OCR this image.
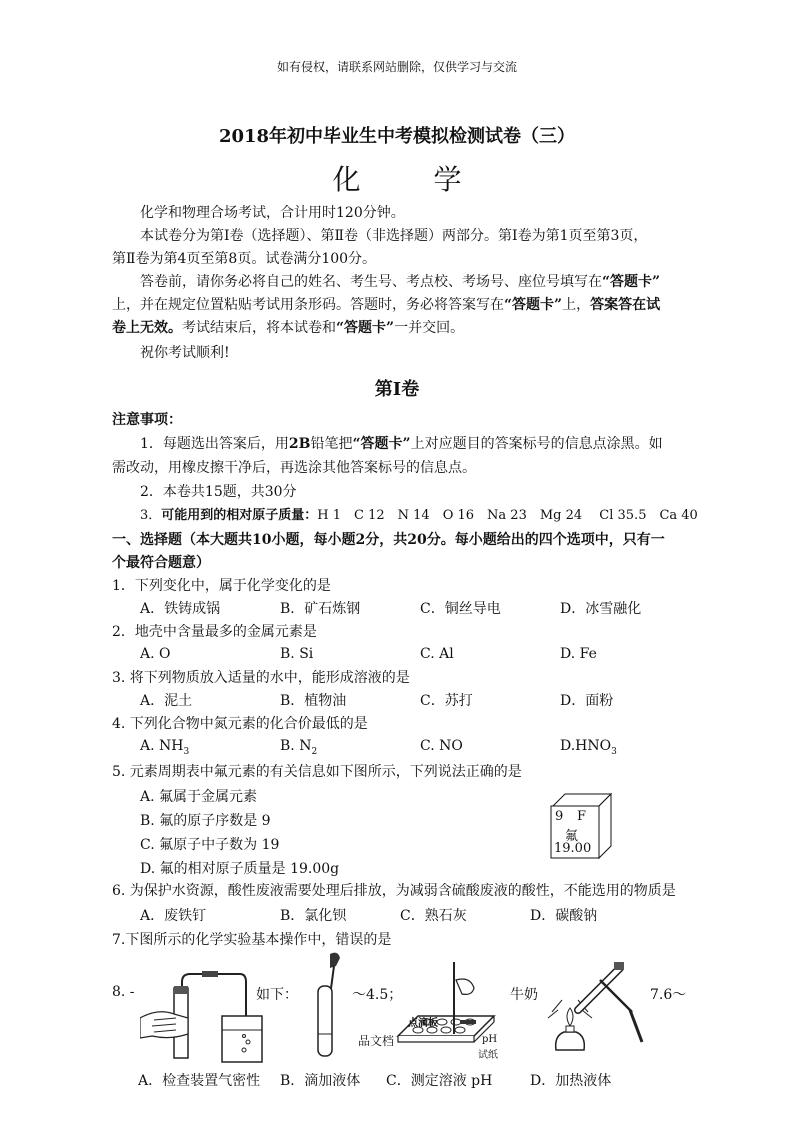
如有侵权，请联系网站删除，仅供学习与交流
2018年初中毕业生中考模拟检测试卷（三）
化 学
化学和物理合场考试，合计用时120分钟。
本试卷分为第Ⅰ卷（选择题）、第Ⅱ卷（非选择题）两部分。第Ⅰ卷为第1页至第3页，
第Ⅱ卷为第4页至第8页。试卷满分100分。
答卷前，请你务必将自己的姓名、考生号、考点校、考场号、座位号填写在“答题卡”
上，并在规定位置粘贴考试用条形码。答题时，务必将答案写在“答题卡”上，答案答在试
卷上无效。考试结束后，将本试卷和“答题卡”一并交回。
祝你考试顺利!
第Ⅰ卷
注意事项：
1．每题选出答案后，用2B铅笔把“答题卡”上对应题目的答案标号的信息点涂黑。如
需改动，用橡皮擦干净后，再选涂其他答案标号的信息点。
2．本卷共15题，共30分
3．可能用到的相对原子质量：H 1　C 12　N 14　O 16　Na 23　Mg 24　 Cl 35.5　Ca 40
一、选择题（本大题共10小题，每小题2分，共20分。每小题给出的四个选项中，只有一
个最符合题意）
1．下列变化中，属于化学变化的是
A．铁铸成锅	B．矿石炼钢	C．铜丝导电	D．冰雪融化
2．地壳中含量最多的金属元素是
A. O	B. Si	C. Al	D. Fe
3. 将下列物质放入适量的水中，能形成溶液的是
A．泥土	B．植物油	C．苏打	D．面粉
4. 下列化合物中氮元素的化合价最低的是
A. $NH_3$	B. $N_2$	C. NO	$D.HNO_3$
5. 元素周期表中氟元素的有关信息如下图所示，下列说法正确的是
A. 氟属于金属元素
B. 氟的原子序数是 9
C. 氟原子中子数为 19
D. 氟的相对原子质量是 19.00g
9 F
氟
19.00
6. 为保护水资源，酸性废液需要处理后排放，为减弱含硫酸废液的酸性，不能选用的物质是
A．废铁钉	B．氯化钡	C．熟石灰	D．碳酸钠
7.下图所示的化学实验基本操作中，错误的是
8. -	如下：	～4.5；	牛奶	7.6～
品文档
点滴板
pH
试纸
A．检查装置气密性 B．滴加液体 C．测定溶液 pH	D．加热液体
